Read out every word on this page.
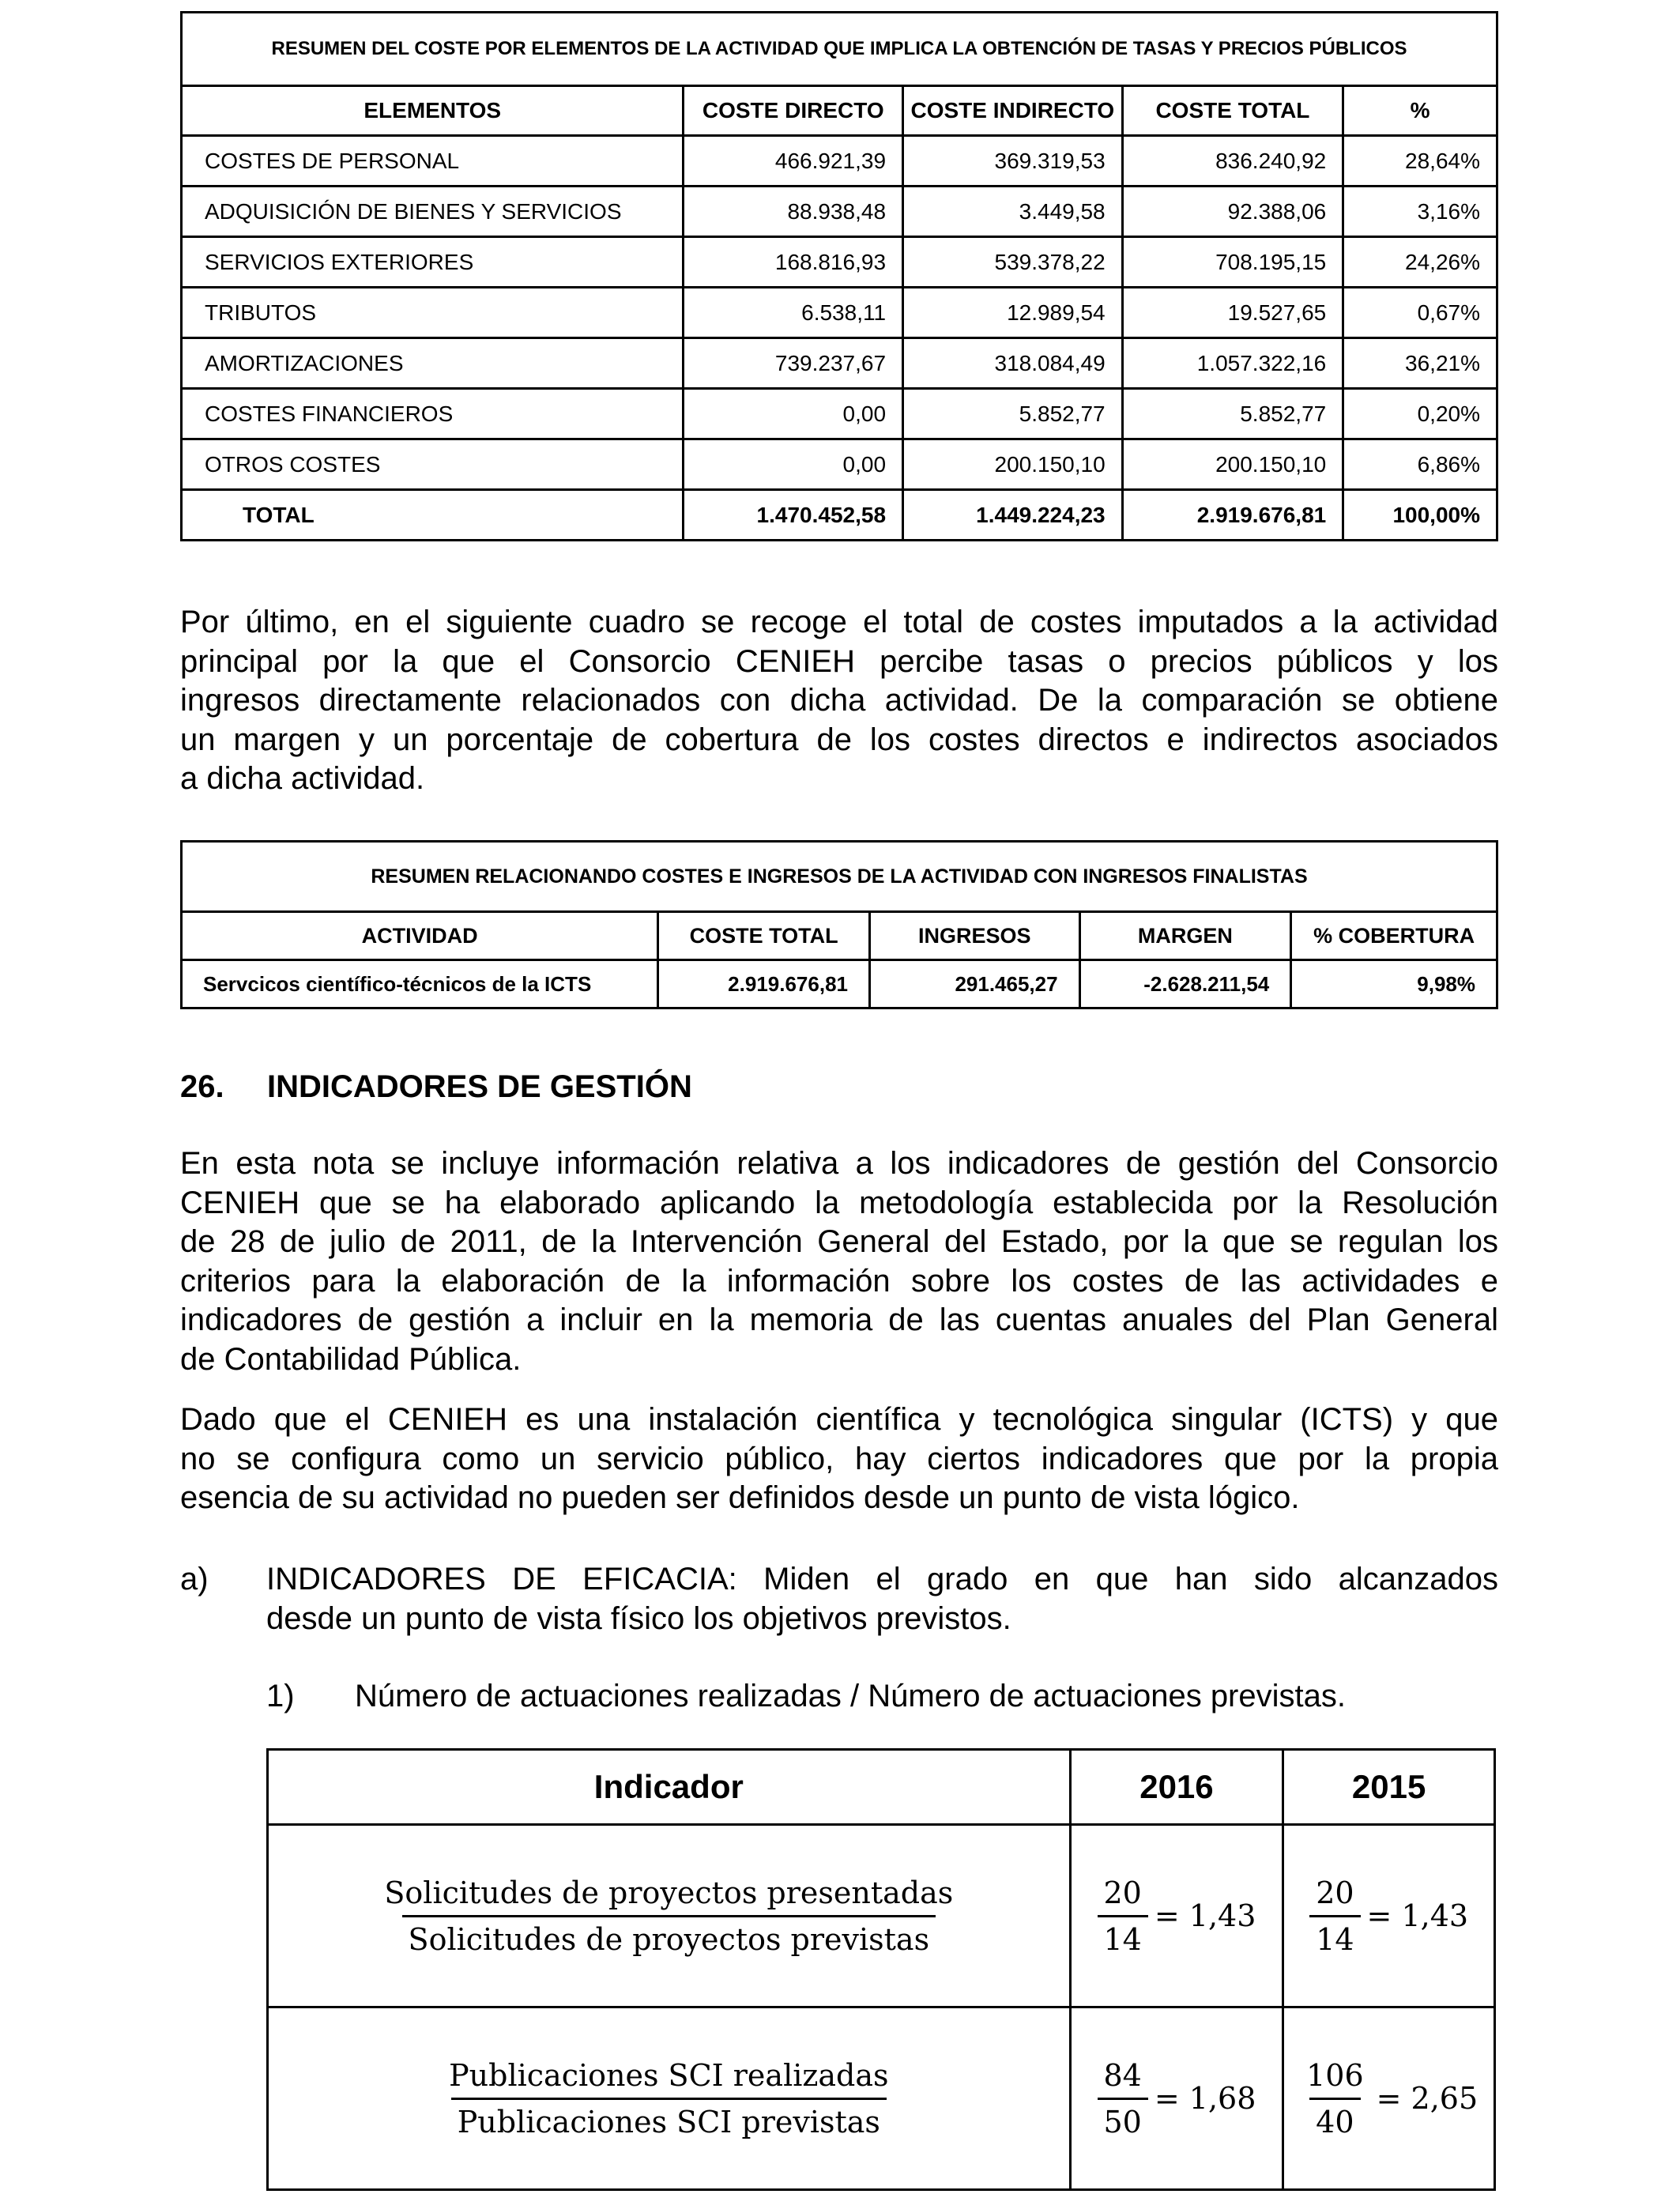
RESUMEN DEL COSTE POR ELEMENTOS DE LA ACTIVIDAD QUE IMPLICA LA OBTENCIÓN DE TASAS Y PRECIOS PÚBLICOS				
ELEMENTOS	COSTE DIRECTO	COSTE INDIRECTO	COSTE TOTAL	%
COSTES DE PERSONAL	466.921,39	369.319,53	836.240,92	28,64%
ADQUISICIÓN DE BIENES Y SERVICIOS	88.938,48	3.449,58	92.388,06	3,16%
SERVICIOS EXTERIORES	168.816,93	539.378,22	708.195,15	24,26%
TRIBUTOS	6.538,11	12.989,54	19.527,65	0,67%
AMORTIZACIONES	739.237,67	318.084,49	1.057.322,16	36,21%
COSTES FINANCIEROS	0,00	5.852,77	5.852,77	0,20%
OTROS COSTES	0,00	200.150,10	200.150,10	6,86%
TOTAL	1.470.452,58	1.449.224,23	2.919.676,81	100,00%
Por último, en el siguiente cuadro se recoge el total de costes imputados a la actividad
principal por la que el Consorcio CENIEH percibe tasas o precios públicos y los
ingresos directamente relacionados con dicha actividad. De la comparación se obtiene
un margen y un porcentaje de cobertura de los costes directos e indirectos asociados
a dicha actividad.
RESUMEN RELACIONANDO COSTES E INGRESOS DE LA ACTIVIDAD CON INGRESOS FINALISTAS				
ACTIVIDAD	COSTE TOTAL	INGRESOS	MARGEN	% COBERTURA
Servcicos científico-técnicos de la ICTS	2.919.676,81	291.465,27	-2.628.211,54	9,98%
26. INDICADORES DE GESTIÓN
En esta nota se incluye información relativa a los indicadores de gestión del Consorcio
CENIEH que se ha elaborado aplicando la metodología establecida por la Resolución
de 28 de julio de 2011, de la Intervención General del Estado, por la que se regulan los
criterios para la elaboración de la información sobre los costes de las actividades e
indicadores de gestión a incluir en la memoria de las cuentas anuales del Plan General
de Contabilidad Pública.
Dado que el CENIEH es una instalación científica y tecnológica singular (ICTS) y que
no se configura como un servicio público, hay ciertos indicadores que por la propia
esencia de su actividad no pueden ser definidos desde un punto de vista lógico.
a)	INDICADORES DE EFICACIA: Miden el grado en que han sido alcanzados
desde un punto de vista físico los objetivos previstos.
1)	Número de actuaciones realizadas / Número de actuaciones previstas.
Indicador	2016	2015

$\frac{\text{Solicitudes de proyectos presentadas}}{\text{Solicitudes de proyectos previstas}}$	$\frac{20}{14} = 1,43$	$\frac{20}{14} = 1,43$

$\frac{\text{Publicaciones SCI realizadas}}{\text{Publicaciones SCI previstas}}$	$\frac{84}{50} = 1,68$	$\frac{106}{40} = 2,65$
